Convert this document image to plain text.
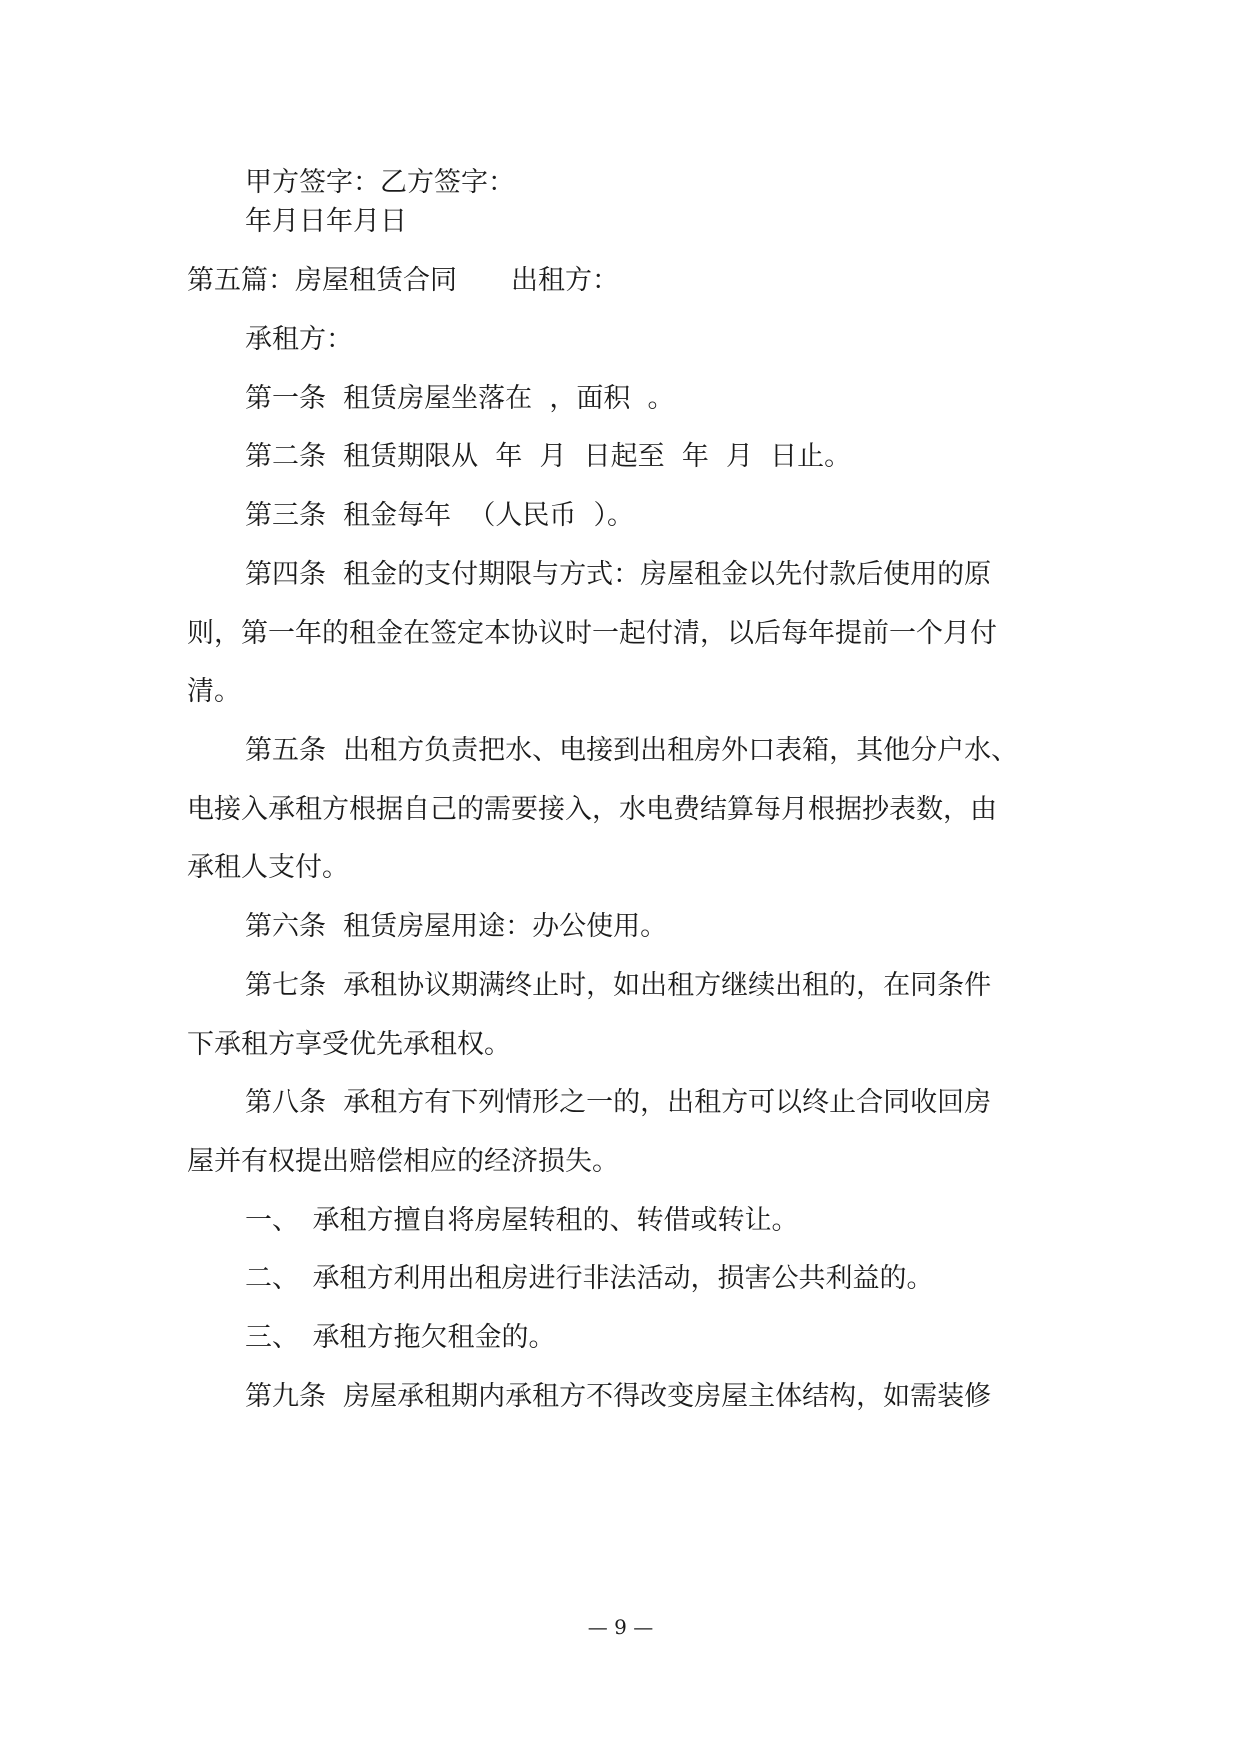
甲方签字：乙方签字：
年月日年月日
第五篇：房屋租赁合同　　出租方：
承租方：
第一条  租赁房屋坐落在  ，面积  。
第二条  租赁期限从  年  月  日起至  年  月  日止。
第三条  租金每年  （人民币  ）。
第四条  租金的支付期限与方式：房屋租金以先付款后使用的原
则，第一年的租金在签定本协议时一起付清，以后每年提前一个月付
清。
第五条  出租方负责把水、电接到出租房外口表箱，其他分户水、
电接入承租方根据自己的需要接入，水电费结算每月根据抄表数，由
承租人支付。
第六条  租赁房屋用途：办公使用。
第七条  承租协议期满终止时，如出租方继续出租的，在同条件
下承租方享受优先承租权。
第八条  承租方有下列情形之一的，出租方可以终止合同收回房
屋并有权提出赔偿相应的经济损失。
一、　承租方擅自将房屋转租的、转借或转让。
二、　承租方利用出租房进行非法活动，损害公共利益的。
三、　承租方拖欠租金的。
第九条  房屋承租期内承租方不得改变房屋主体结构，如需装修
— 9 —
